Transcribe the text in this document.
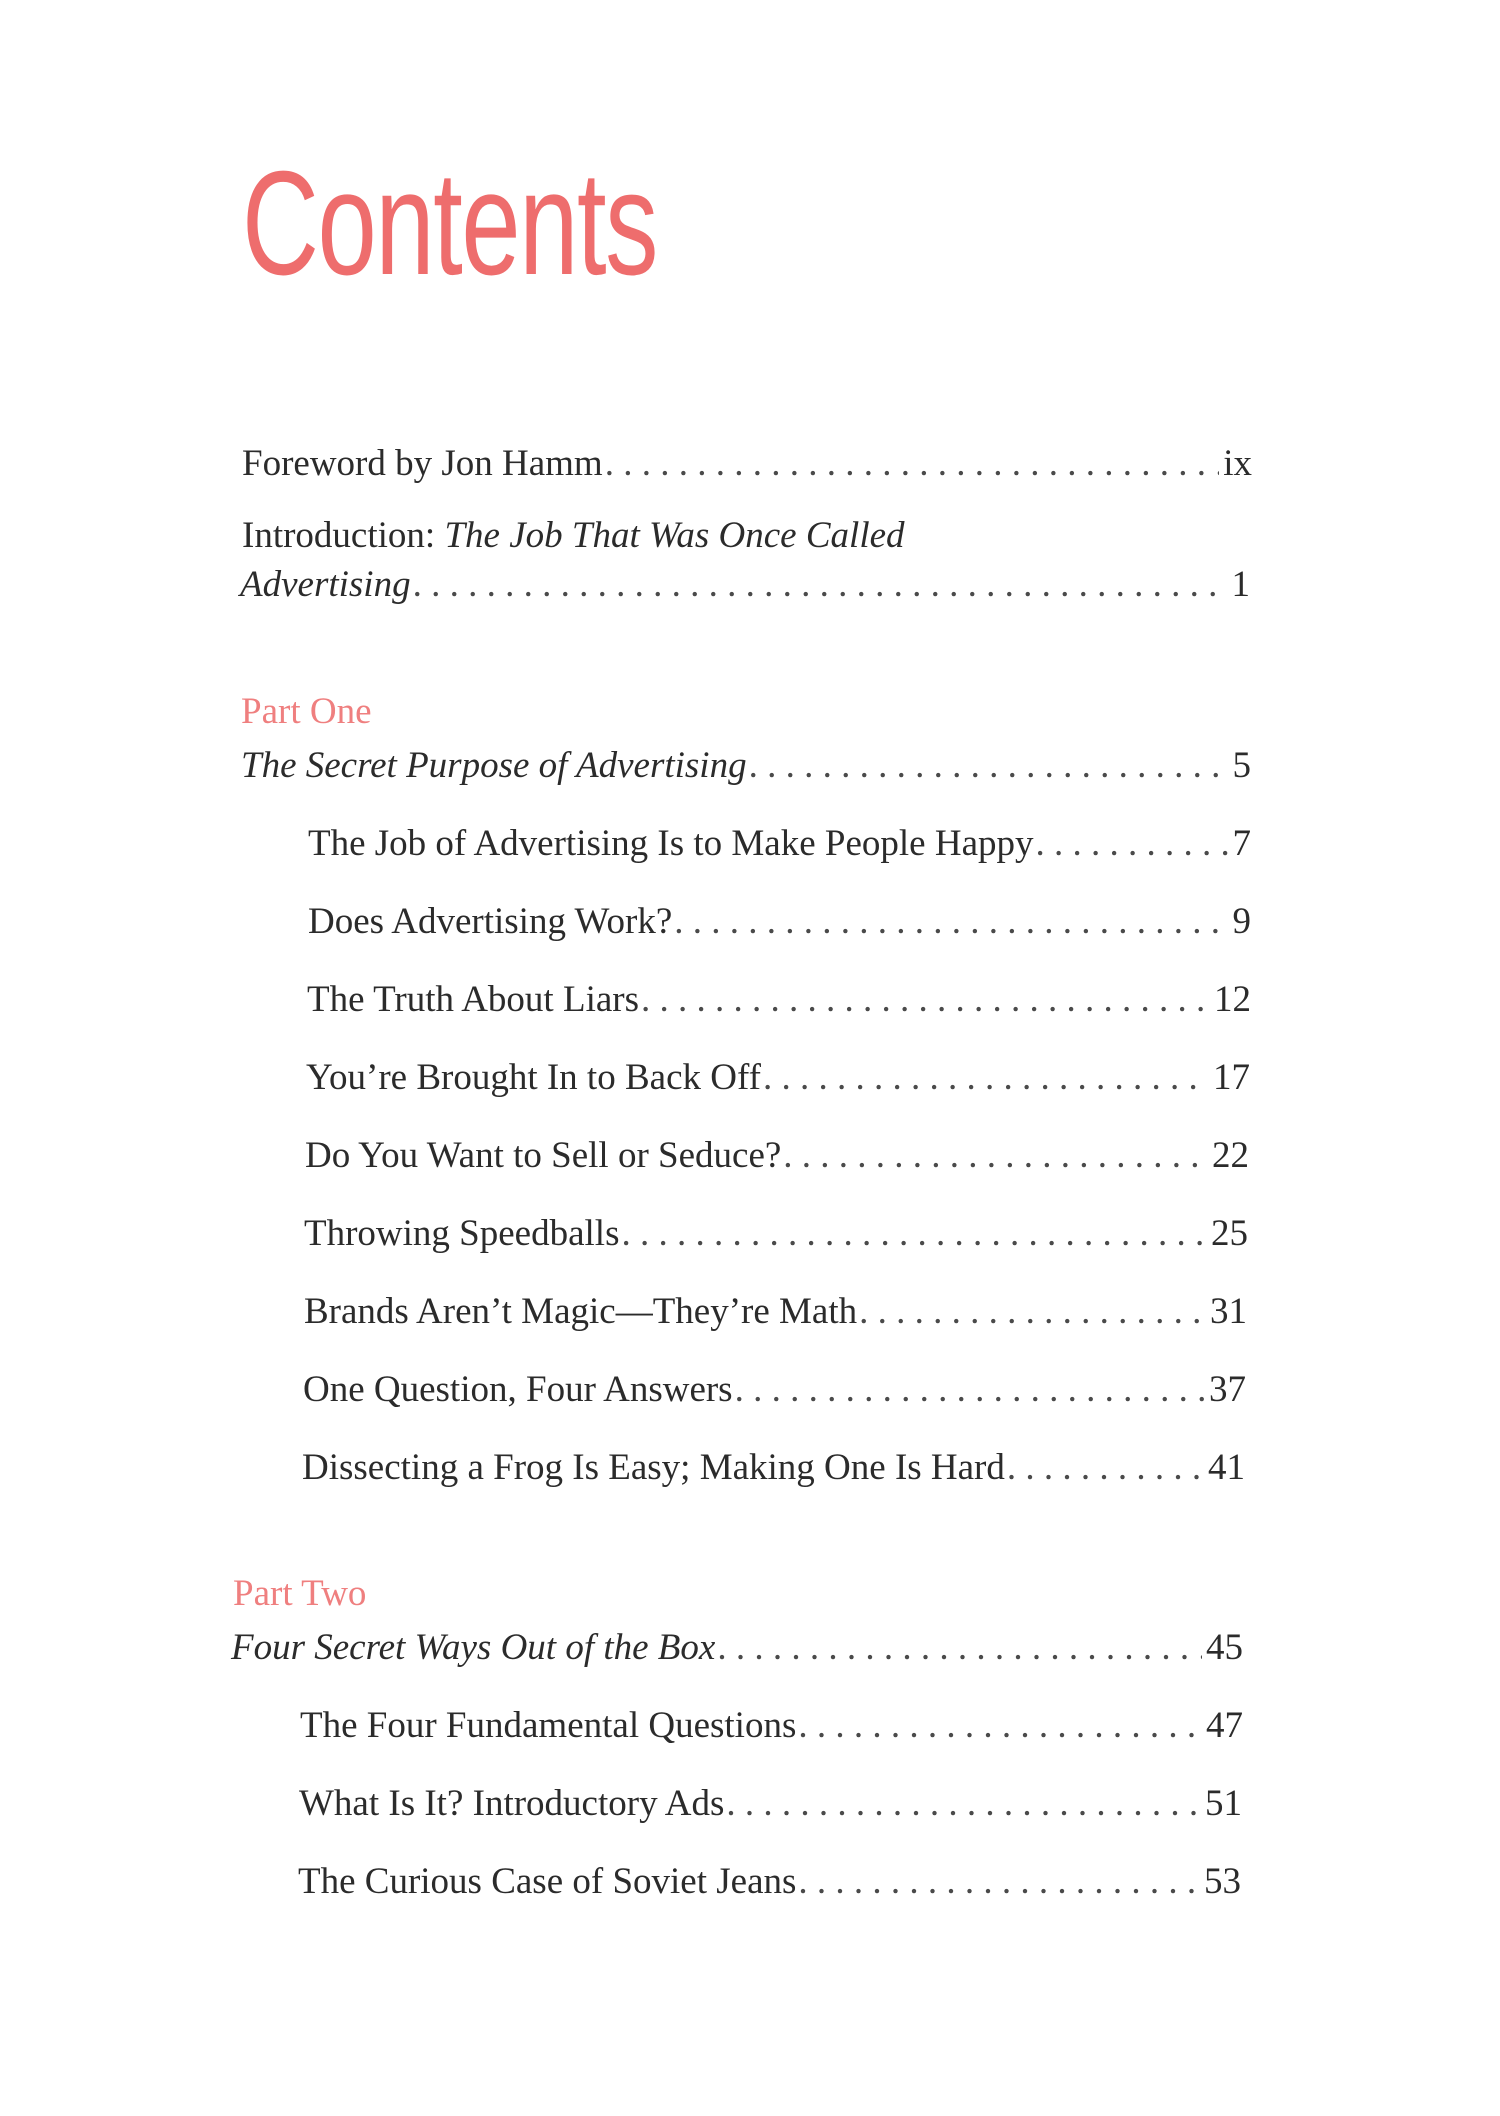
Contents
Foreword by Jon Hamm . . .	ix
Introduction: The Job That Was Once Called
Advertising . . .	1
Part One
The Secret Purpose of Advertising . . .	5
The Job of Advertising Is to Make People Happy . . .	7
Does Advertising Work? . . .	9
The Truth About Liars . . .	12
You’re Brought In to Back Off . . .	17
Do You Want to Sell or Seduce? . . .	22
Throwing Speedballs . . .	25
Brands Aren’t Magic—They’re Math . . .	31
One Question, Four Answers . . .	37
Dissecting a Frog Is Easy; Making One Is Hard . . .	41
Part Two
Four Secret Ways Out of the Box . . .	45
The Four Fundamental Questions . . .	47
What Is It? Introductory Ads . . .	51
The Curious Case of Soviet Jeans . . .	53
